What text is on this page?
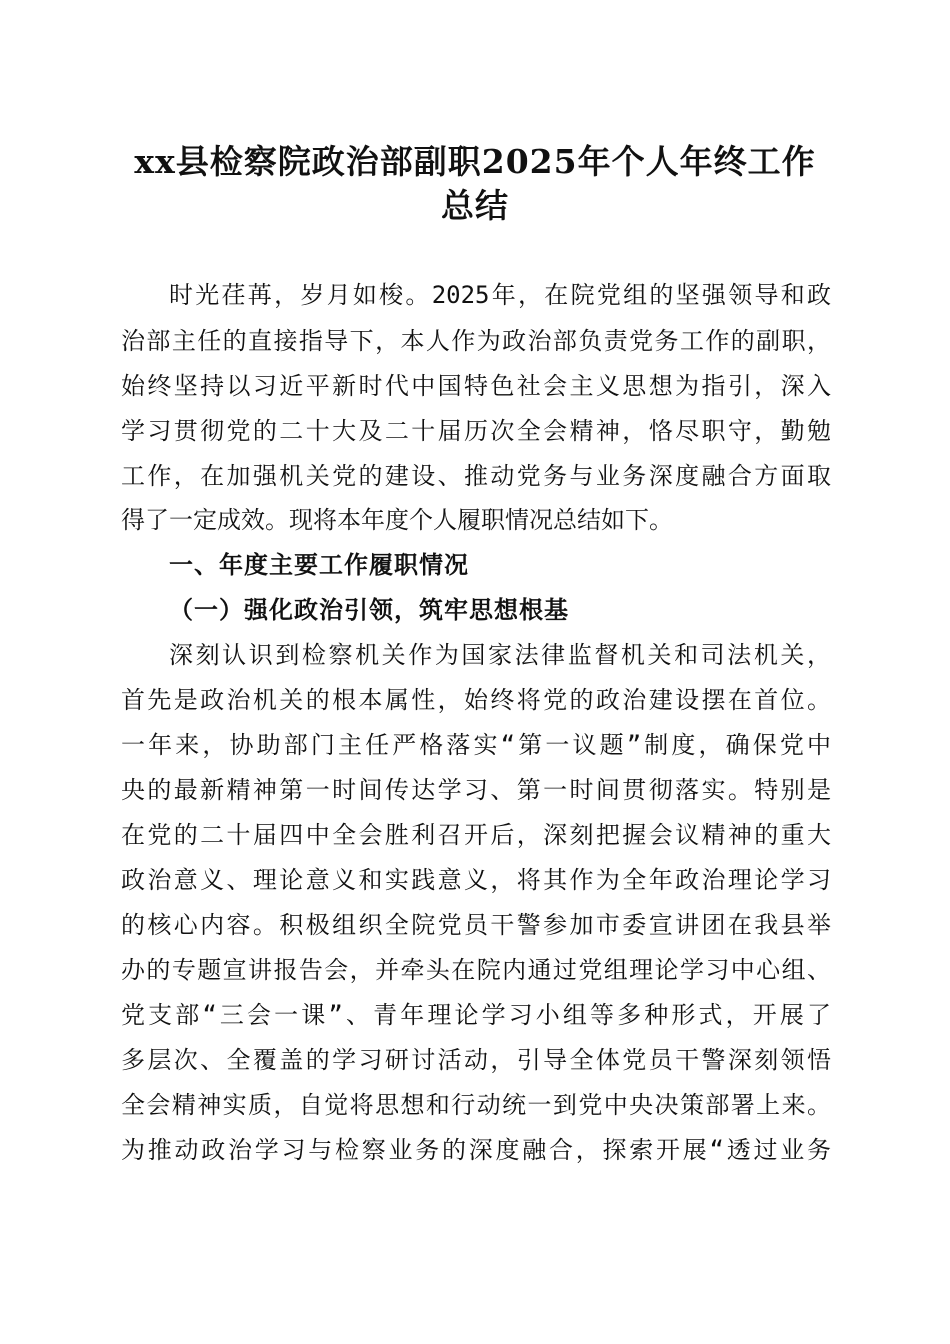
xx县检察院政治部副职2025年个人年终工作
总结
时光荏苒，岁月如梭。2025年，在院党组的坚强领导和政
治部主任的直接指导下，本人作为政治部负责党务工作的副职，
始终坚持以习近平新时代中国特色社会主义思想为指引，深入
学习贯彻党的二十大及二十届历次全会精神，恪尽职守，勤勉
工作，在加强机关党的建设、推动党务与业务深度融合方面取
得了一定成效。现将本年度个人履职情况总结如下。
一、年度主要工作履职情况
（一）强化政治引领，筑牢思想根基
深刻认识到检察机关作为国家法律监督机关和司法机关，
首先是政治机关的根本属性，始终将党的政治建设摆在首位。
一年来，协助部门主任严格落实“第一议题”制度，确保党中
央的最新精神第一时间传达学习、第一时间贯彻落实。特别是
在党的二十届四中全会胜利召开后，深刻把握会议精神的重大
政治意义、理论意义和实践意义，将其作为全年政治理论学习
的核心内容。积极组织全院党员干警参加市委宣讲团在我县举
办的专题宣讲报告会，并牵头在院内通过党组理论学习中心组、
党支部“三会一课”、青年理论学习小组等多种形式，开展了
多层次、全覆盖的学习研讨活动，引导全体党员干警深刻领悟
全会精神实质，自觉将思想和行动统一到党中央决策部署上来。
为推动政治学习与检察业务的深度融合，探索开展“透过业务
